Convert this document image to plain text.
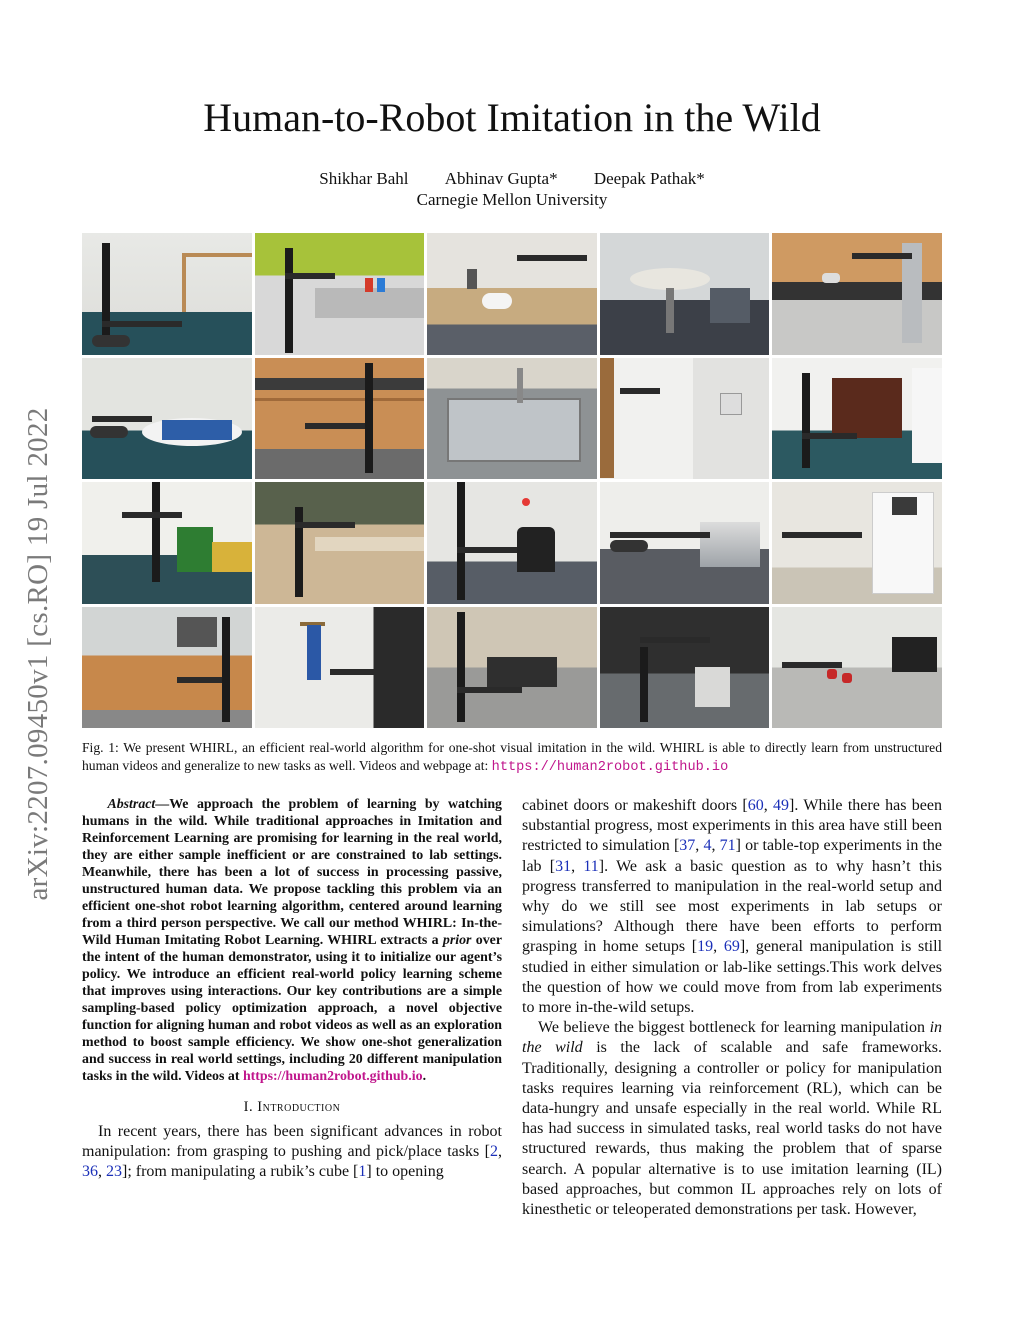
arXiv:2207.09450v1 [cs.RO] 19 Jul 2022
Human-to-Robot Imitation in the Wild
Shikhar Bahl Abhinav Gupta* Deepak Pathak*
Carnegie Mellon University
Fig. 1: We present WHIRL, an efficient real-world algorithm for one-shot visual imitation in the wild. WHIRL is able to directly learn from unstructured human videos and generalize to new tasks as well. Videos and webpage at: https://human2robot.github.io
Abstract—We approach the problem of learning by watching humans in the wild. While traditional approaches in Imitation and Reinforcement Learning are promising for learning in the real world, they are either sample inefficient or are constrained to lab settings. Meanwhile, there has been a lot of success in processing passive, unstructured human data. We propose tackling this problem via an efficient one-shot robot learning algorithm, centered around learning from a third person perspective. We call our method WHIRL: In-the-Wild Human Imitating Robot Learning. WHIRL extracts a prior over the intent of the human demonstrator, using it to initialize our agent’s policy. We introduce an efficient real-world policy learning scheme that improves using interactions. Our key contributions are a simple sampling-based policy optimization approach, a novel objective function for aligning human and robot videos as well as an exploration method to boost sample efficiency. We show one-shot generalization and success in real world settings, including 20 different manipulation tasks in the wild. Videos at https://human2robot.github.io.
I. Introduction

In recent years, there has been significant advances in robot manipulation: from grasping to pushing and pick/place tasks [2, 36, 23]; from manipulating a rubik’s cube [1] to opening

cabinet doors or makeshift doors [60, 49]. While there has been substantial progress, most experiments in this area have still been restricted to simulation [37, 4, 71] or table-top experiments in the lab [31, 11]. We ask a basic question as to why hasn’t this progress transferred to manipulation in the real-world setup and why do we still see most experiments in lab setups or simulations? Although there have been efforts to perform grasping in home setups [19, 69], general manipulation is still studied in either simulation or lab-like settings.This work delves the question of how we could move from from lab experiments to more in-the-wild setups.

We believe the biggest bottleneck for learning manipulation in the wild is the lack of scalable and safe frameworks. Traditionally, designing a controller or policy for manipulation tasks requires learning via reinforcement (RL), which can be data-hungry and unsafe especially in the real world. While RL has had success in simulated tasks, real world tasks do not have structured rewards, thus making the problem that of sparse search. A popular alternative is to use imitation learning (IL) based approaches, but common IL approaches rely on lots of kinesthetic or teleoperated demonstrations per task. However,
